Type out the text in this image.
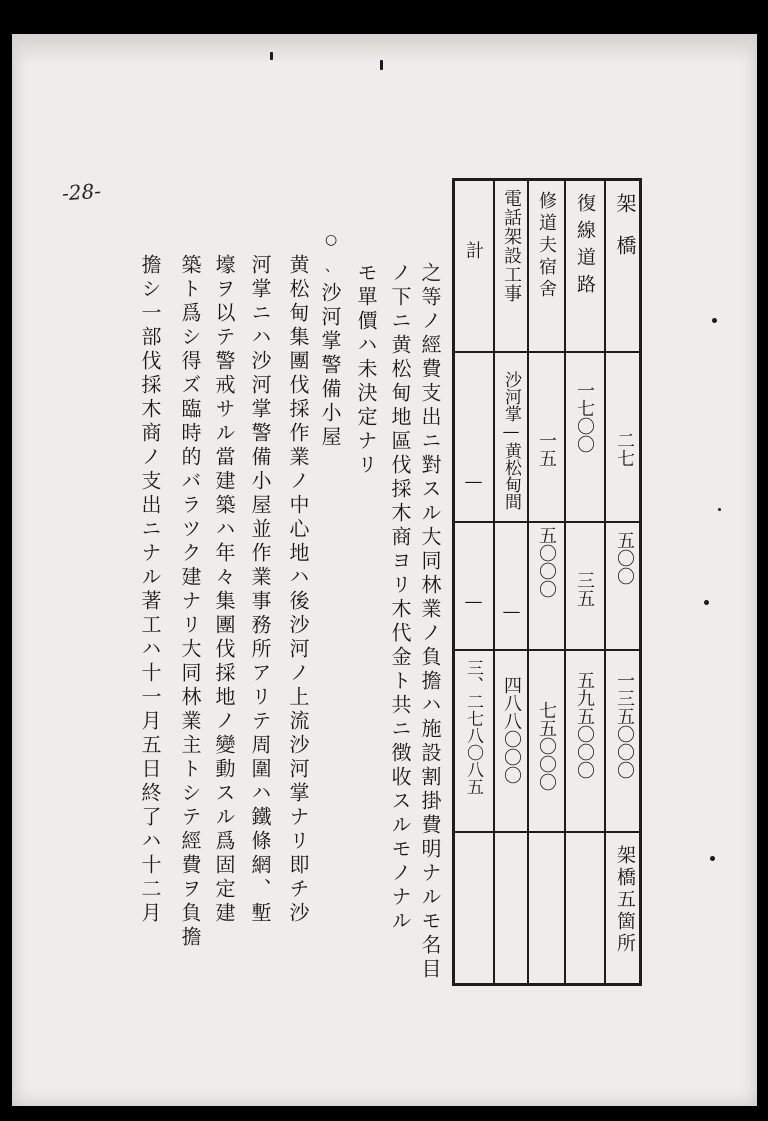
-28-
架橋
二七
五〇〇
一三五〇〇〇
架橋五箇所
復線道路
一七〇〇
三五
五九五〇〇〇
修道夫宿舍
一五
五〇〇〇
七五〇〇〇
電話架設工事
沙河掌—黄松甸間
—
四八八〇〇〇
計
—
—
三、二七八〇八五
之等ノ經費支出ニ對スル大同林業ノ負擔ハ施設割掛費明ナルモ名目
ノ下ニ黄松甸地區伐採木商ヨリ木代金ト共ニ徴收スルモノナル
モ單價ハ未決定ナリ
○
、
沙河掌警備小屋
黄松甸集團伐採作業ノ中心地ハ後沙河ノ上流沙河掌ナリ即チ沙
河掌ニハ沙河掌警備小屋並作業事務所アリテ周圍ハ鐵條網、塹
壕ヲ以テ警戒サル當建築ハ年々集團伐採地ノ變動スル爲固定建
築ト爲シ得ズ臨時的バラツク建ナリ大同林業主トシテ經費ヲ負擔
擔シ一部伐採木商ノ支出ニナル著工ハ十一月五日終了ハ十二月
